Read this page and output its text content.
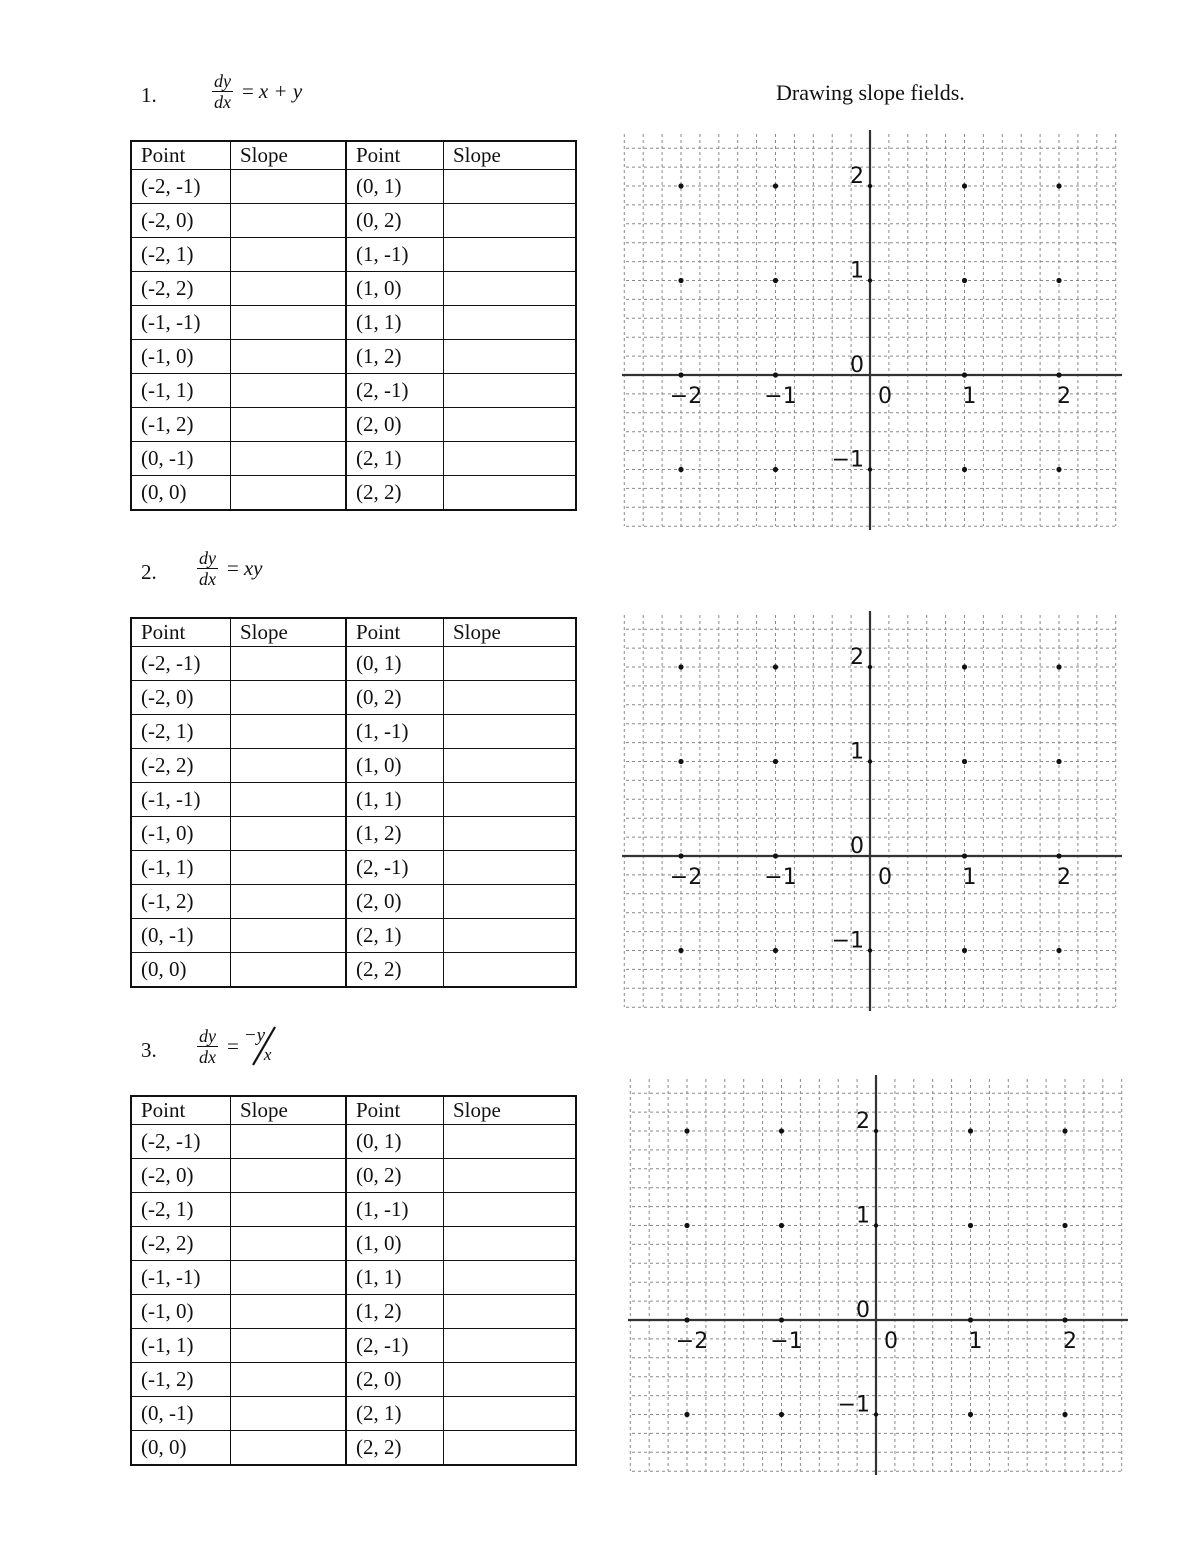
Drawing slope fields.
1.	$\frac{dy}{dx} = x + y$
Point	Slope	Point	Slope
(-2, -1)		(0, 1)	
(-2, 0)		(0, 2)	
(-2, 1)		(1, -1)	
(-2, 2)		(1, 0)	
(-1, -1)		(1, 1)	
(-1, 0)		(1, 2)	
(-1, 1)		(2, -1)	
(-1, 2)		(2, 0)	
(0, -1)		(2, 1)	
(0, 0)		(2, 2)	
−2	−1	0	1	2
2
1
0
−1
2. $\frac{dy}{dx}$ = xy
Point	Slope	Point	Slope
(-2, -1)		(0, 1)	
(-2, 0)		(0, 2)	
(-2, 1)		(1, -1)	
(-2, 2)		(1, 0)	
(-1, -1)		(1, 1)	
(-1, 0)		(1, 2)	
(-1, 1)		(2, -1)	
(-1, 2)		(2, 0)	
(0, -1)		(2, 1)	
(0, 0)		(2, 2)	
−2	−1	0	1	2
2
1
0
−1
3. $\frac{dy}{dx} = -y$
x
Point	Slope	Point	Slope
(-2, -1)		(0, 1)	
(-2, 0)		(0, 2)	
(-2, 1)		(1, -1)	
(-2, 2)		(1, 0)	
(-1, -1)		(1, 1)	
(-1, 0)		(1, 2)	
(-1, 1)		(2, -1)	
(-1, 2)		(2, 0)	
(0, -1)		(2, 1)	
(0, 0)		(2, 2)	
−2	−1	0	1	2
2
1
0
−1
